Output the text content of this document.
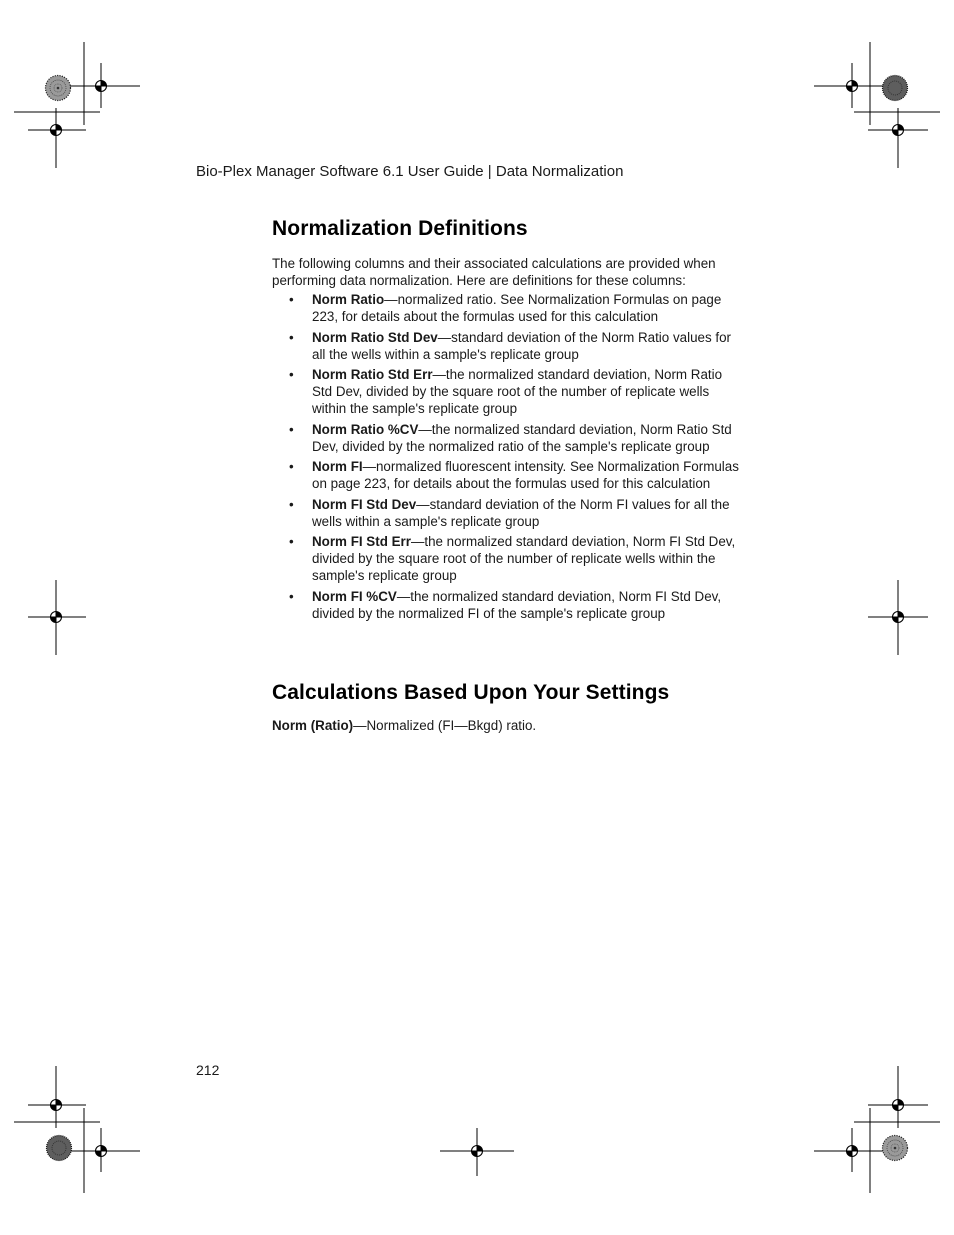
Bio-Plex Manager Software 6.1 User Guide | Data Normalization
Normalization Definitions

The following columns and their associated calculations are provided when performing data normalization. Here are definitions for these columns:

• Norm Ratio—normalized ratio. See Normalization Formulas on page 223, for details about the formulas used for this calculation
• Norm Ratio Std Dev—standard deviation of the Norm Ratio values for all the wells within a sample's replicate group
• Norm Ratio Std Err—the normalized standard deviation, Norm Ratio Std Dev, divided by the square root of the number of replicate wells within the sample's replicate group
• Norm Ratio %CV—the normalized standard deviation, Norm Ratio Std Dev, divided by the normalized ratio of the sample's replicate group
• Norm FI—normalized fluorescent intensity. See Normalization Formulas on page 223, for details about the formulas used for this calculation
• Norm FI Std Dev—standard deviation of the Norm FI values for all the wells within a sample's replicate group
• Norm FI Std Err—the normalized standard deviation, Norm FI Std Dev, divided by the square root of the number of replicate wells within the sample's replicate group
• Norm FI %CV—the normalized standard deviation, Norm FI Std Dev, divided by the normalized FI of the sample's replicate group
Calculations Based Upon Your Settings

Norm (Ratio)—Normalized (FI—Bkgd) ratio.

212
